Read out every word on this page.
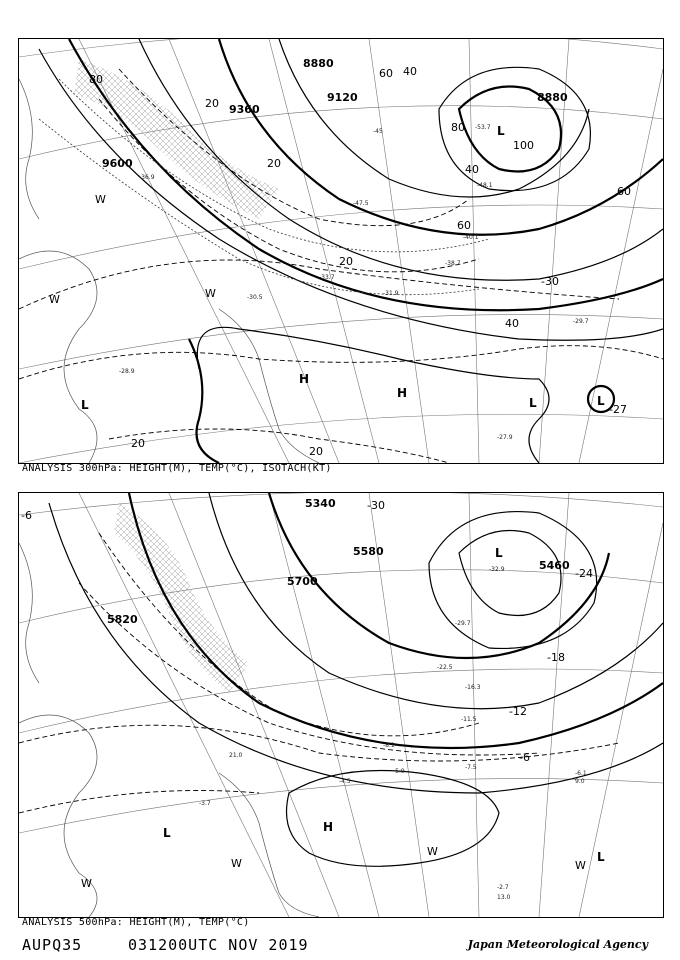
9600
9360
9120
8880
8880
80
20
20
20
40
60
100
60
80
40
60
40
20
20
-30
-27
L
L
L	L
H
H
W
W	W
-33.7
-30.5
-31.9
-47.5
-48.1
-53.7
-40.1
-38.7
-29.7
-27.9
-28.9
-45
-36.9
ANALYSIS 300hPa: HEIGHT(M), TEMP(°C), ISOTACH(KT)
5820
5700
5340
5580
5460
-30
-24
-18
-12
-6
-6
L
L
H
W
W
W
W
L
-32.9
-29.7
-22.5
-16.3
-11.5
-8.1
-7.5
-6.1
-5.9
-4.5
-3.7
-2.7
13.0
9.0
21.0
ANALYSIS 500hPa: HEIGHT(M), TEMP(°C)
AUPQ35	031200UTC NOV 2019	Japan Meteorological Agency
